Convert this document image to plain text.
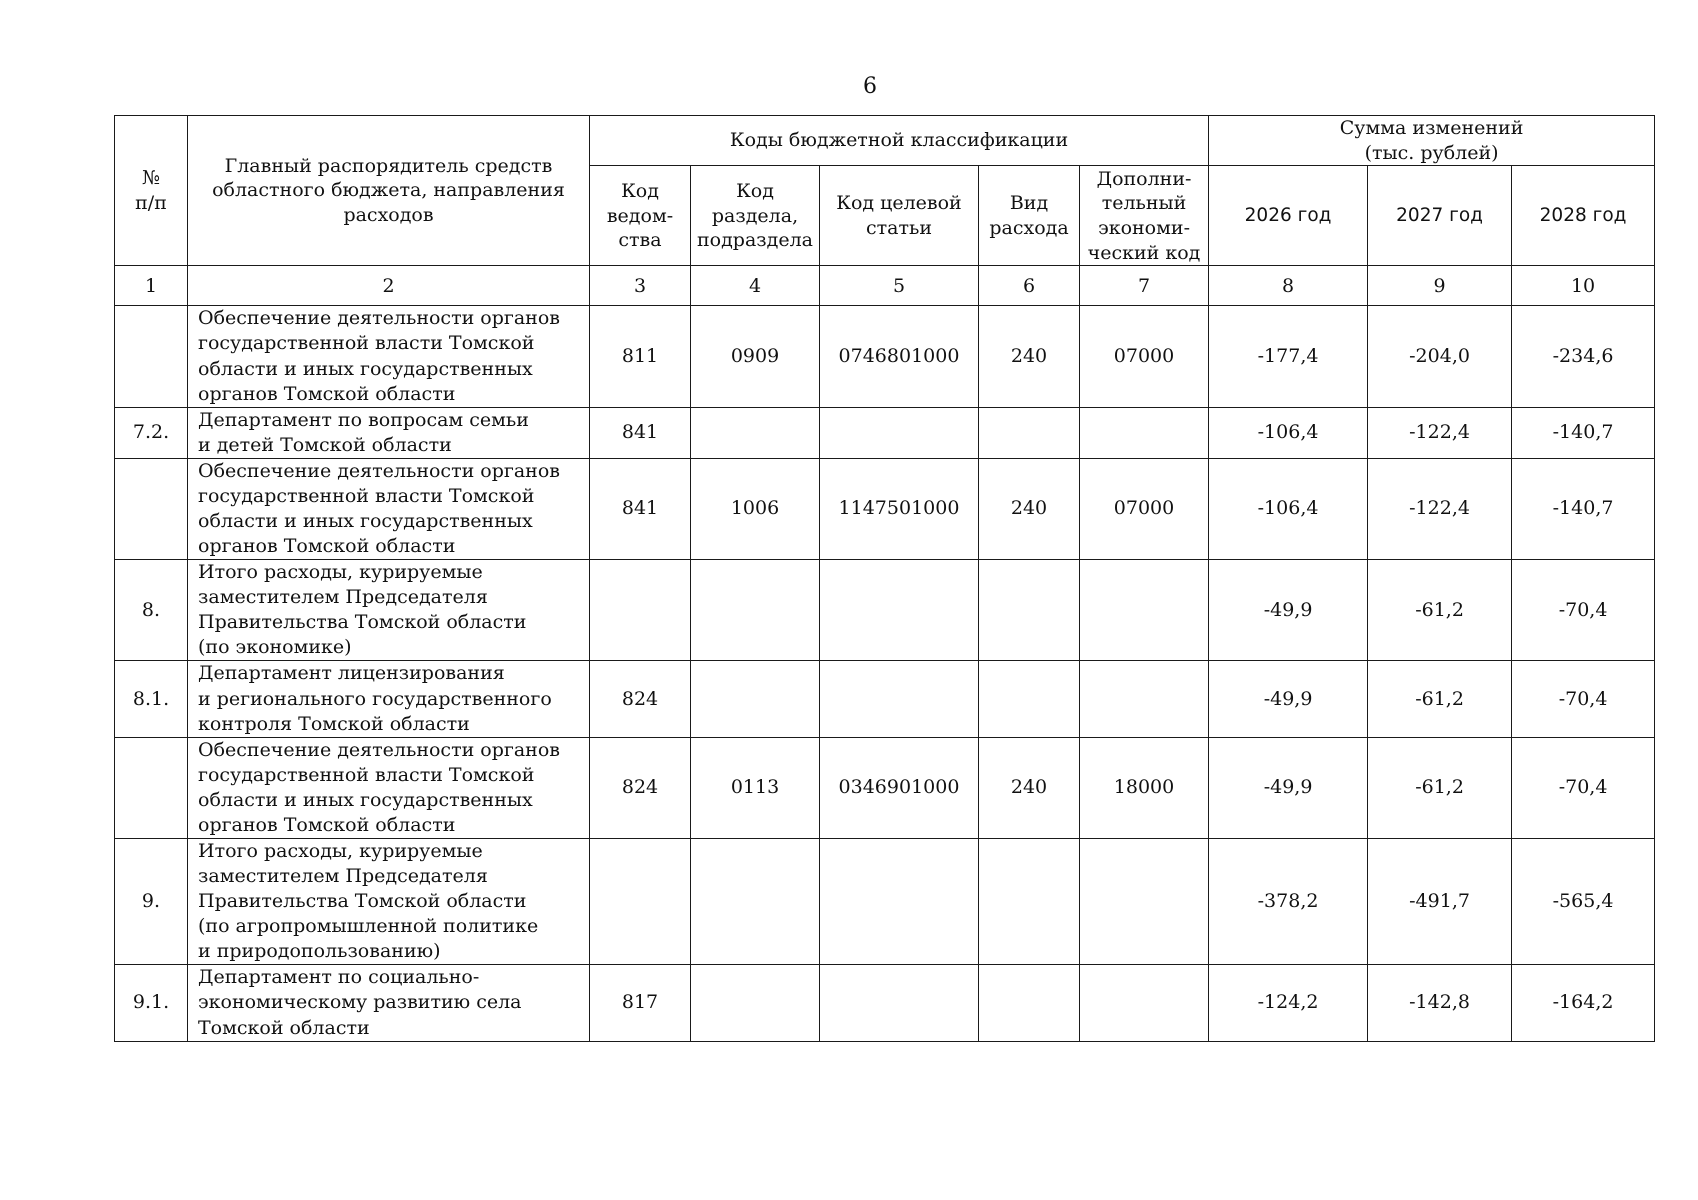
6
№
п/п	Главный распорядитель средств
областного бюджета, направления
расходов	Коды бюджетной классификации					Сумма изменений
(тыс. рублей)		

		Код
ведом-
ства	Код
раздела,
подраздела	Код целевой
статьи	Вид
расхода	Дополни-
тельный
экономи-
ческий код	2026 год	2027 год	2028 год
1	2	3	4	5	6	7	8	9	10

	Обеспечение деятельности органов
государственной власти Томской
области и иных государственных
органов Томской области	811	0909	0746801000	240	07000	-177,4	-204,0	-234,6
7.2.	Департамент по вопросам семьи
и детей Томской области	841					-106,4	-122,4	-140,7

	Обеспечение деятельности органов
государственной власти Томской
области и иных государственных
органов Томской области	841	1006	1147501000	240	07000	-106,4	-122,4	-140,7
8.	Итого расходы, курируемые
заместителем Председателя
Правительства Томской области
(по экономике)						-49,9	-61,2	-70,4
8.1.	Департамент лицензирования
и регионального государственного
контроля Томской области	824					-49,9	-61,2	-70,4

	Обеспечение деятельности органов
государственной власти Томской
области и иных государственных
органов Томской области	824	0113	0346901000	240	18000	-49,9	-61,2	-70,4
9.	Итого расходы, курируемые
заместителем Председателя
Правительства Томской области
(по агропромышленной политике
и природопользованию)						-378,2	-491,7	-565,4
9.1.	Департамент по социально-
экономическому развитию села
Томской области	817					-124,2	-142,8	-164,2
